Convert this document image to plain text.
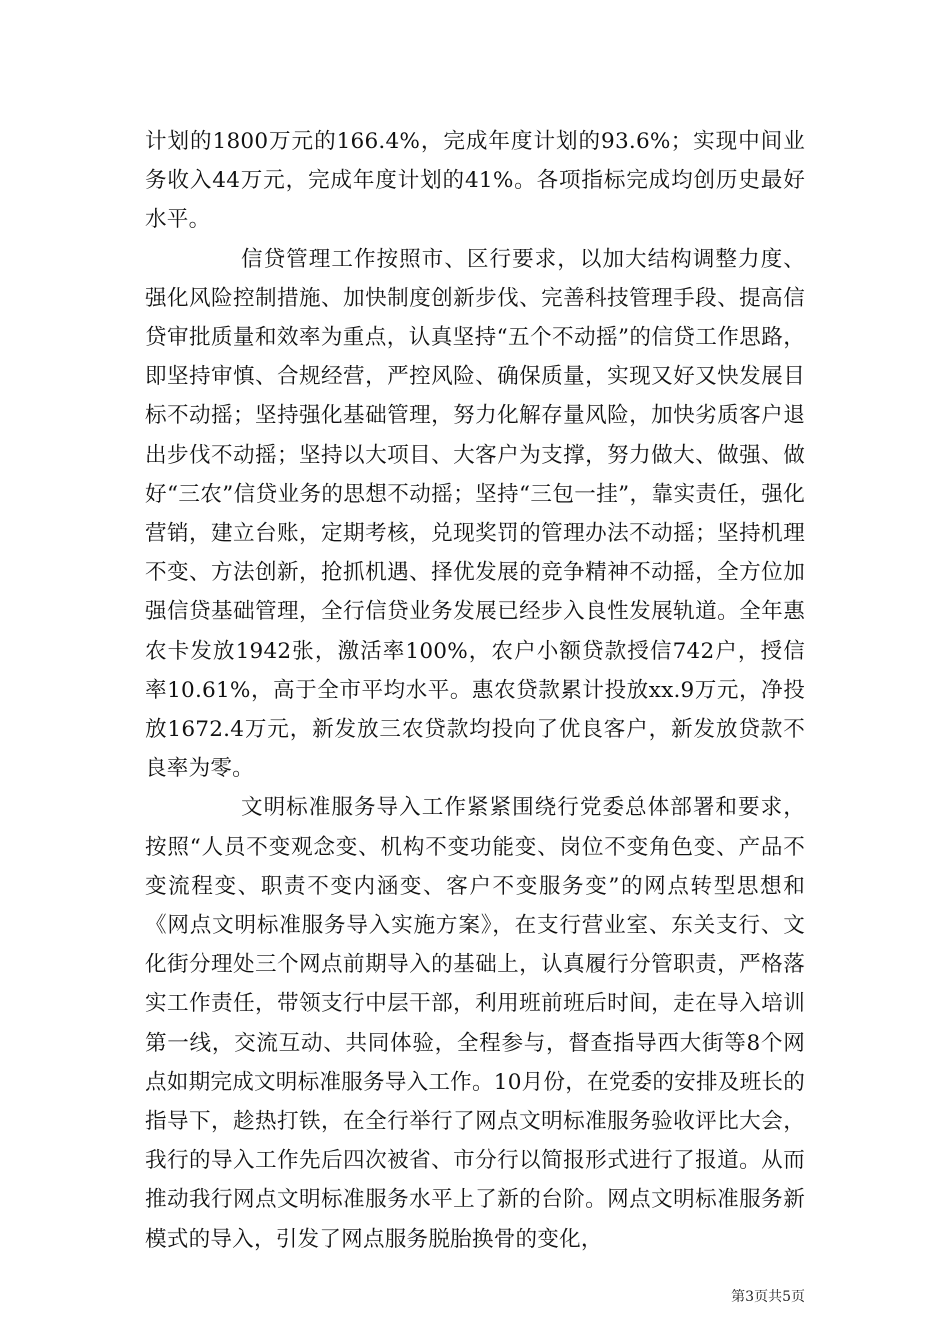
计划的1800万元的166.4%，完成年度计划的93.6%；实现中间业务收入44万元，完成年度计划的41%。各项指标完成均创历史最好水平。

信贷管理工作按照市、区行要求，以加大结构调整力度、强化风险控制措施、加快制度创新步伐、完善科技管理手段、提高信贷审批质量和效率为重点，认真坚持“五个不动摇”的信贷工作思路，即坚持审慎、合规经营，严控风险、确保质量，实现又好又快发展目标不动摇；坚持强化基础管理，努力化解存量风险，加快劣质客户退出步伐不动摇；坚持以大项目、大客户为支撑，努力做大、做强、做好“三农”信贷业务的思想不动摇；坚持“三包一挂”，靠实责任，强化营销，建立台账，定期考核，兑现奖罚的管理办法不动摇；坚持机理不变、方法创新，抢抓机遇、择优发展的竞争精神不动摇，全方位加强信贷基础管理，全行信贷业务发展已经步入良性发展轨道。全年惠农卡发放1942张，激活率100%，农户小额贷款授信742户，授信率10.61%，高于全市平均水平。惠农贷款累计投放xx.9万元，净投放1672.4万元，新发放三农贷款均投向了优良客户，新发放贷款不良率为零。

文明标准服务导入工作紧紧围绕行党委总体部署和要求，按照“人员不变观念变、机构不变功能变、岗位不变角色变、产品不变流程变、职责不变内涵变、客户不变服务变”的网点转型思想和《网点文明标准服务导入实施方案》，在支行营业室、东关支行、文化街分理处三个网点前期导入的基础上，认真履行分管职责，严格落实工作责任，带领支行中层干部，利用班前班后时间，走在导入培训第一线，交流互动、共同体验，全程参与，督查指导西大街等8个网点如期完成文明标准服务导入工作。10月份，在党委的安排及班长的指导下，趁热打铁，在全行举行了网点文明标准服务验收评比大会，我行的导入工作先后四次被省、市分行以简报形式进行了报道。从而推动我行网点文明标准服务水平上了新的台阶。网点文明标准服务新模式的导入，引发了网点服务脱胎换骨的变化，

第3页共5页
